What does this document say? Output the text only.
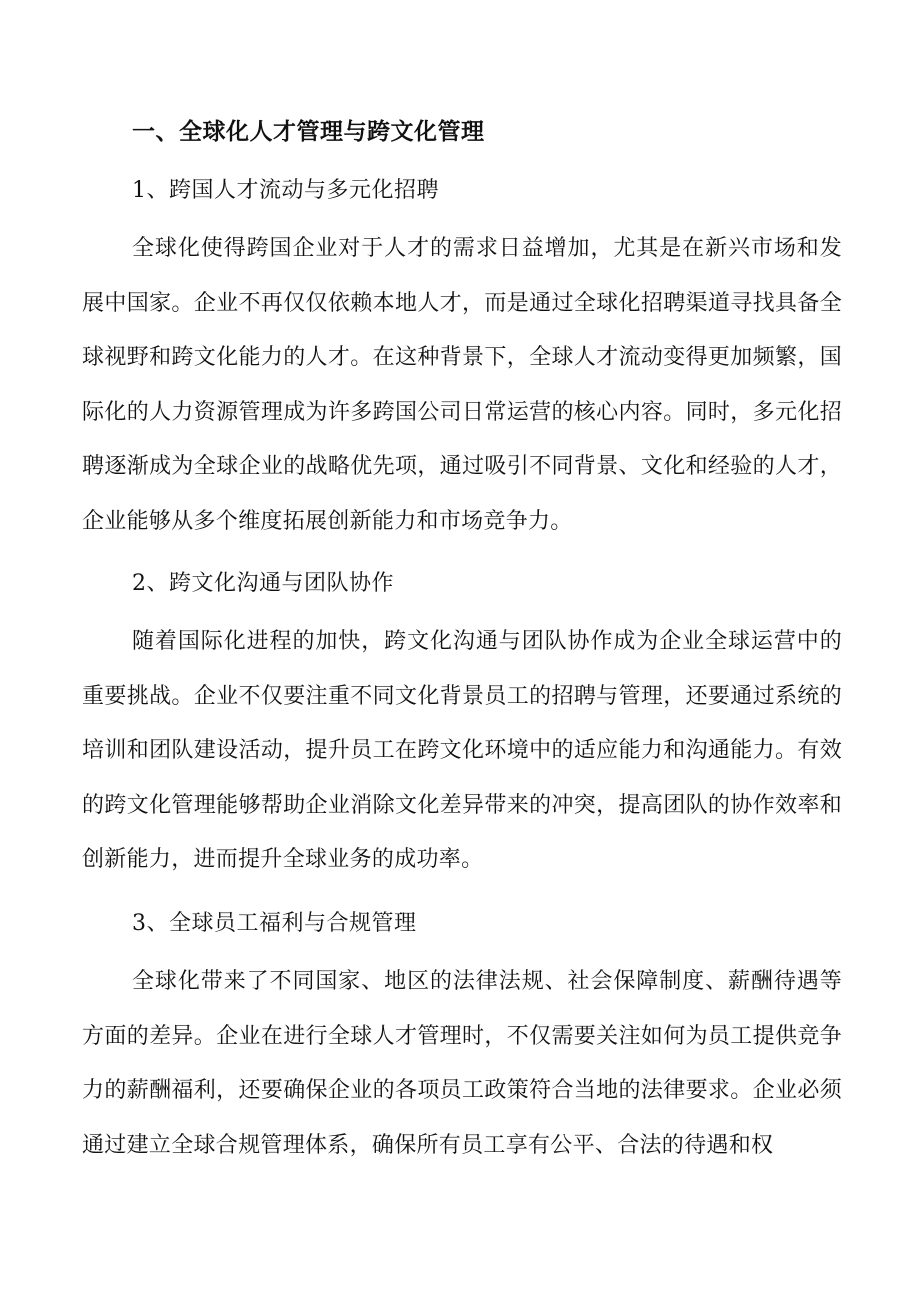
一、全球化人才管理与跨文化管理
1、跨国人才流动与多元化招聘
全球化使得跨国企业对于人才的需求日益增加，尤其是在新兴市场和发展中国家。企业不再仅仅依赖本地人才，而是通过全球化招聘渠道寻找具备全球视野和跨文化能力的人才。在这种背景下，全球人才流动变得更加频繁，国际化的人力资源管理成为许多跨国公司日常运营的核心内容。同时，多元化招聘逐渐成为全球企业的战略优先项，通过吸引不同背景、文化和经验的人才，企业能够从多个维度拓展创新能力和市场竞争力。
2、跨文化沟通与团队协作
随着国际化进程的加快，跨文化沟通与团队协作成为企业全球运营中的重要挑战。企业不仅要注重不同文化背景员工的招聘与管理，还要通过系统的培训和团队建设活动，提升员工在跨文化环境中的适应能力和沟通能力。有效的跨文化管理能够帮助企业消除文化差异带来的冲突，提高团队的协作效率和创新能力，进而提升全球业务的成功率。
3、全球员工福利与合规管理
全球化带来了不同国家、地区的法律法规、社会保障制度、薪酬待遇等方面的差异。企业在进行全球人才管理时，不仅需要关注如何为员工提供竞争力的薪酬福利，还要确保企业的各项员工政策符合当地的法律要求。企业必须通过建立全球合规管理体系，确保所有员工享有公平、合法的待遇和权
